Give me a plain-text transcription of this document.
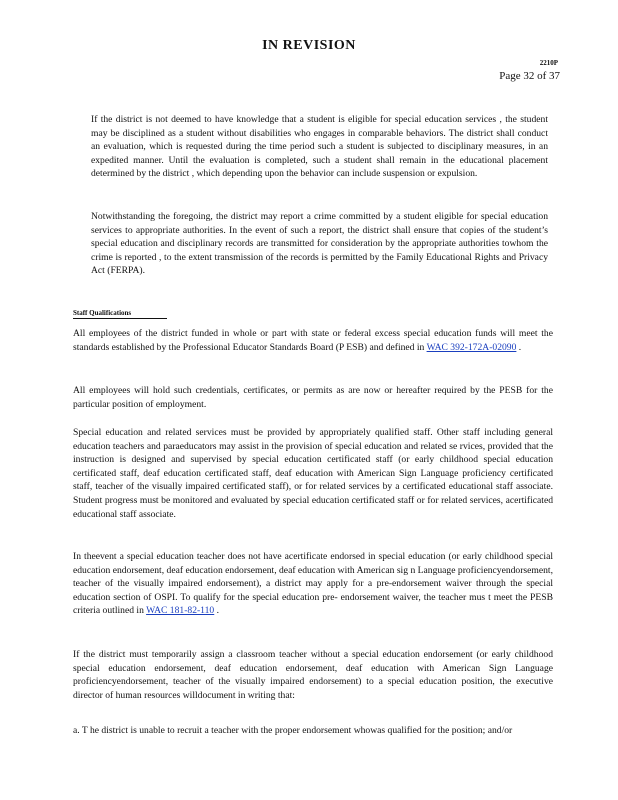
IN REVISION
2210P
Page 32 of 37
If the district is not deemed to have knowledge that a student is eligible for special education services , the student may be disciplined as a student without disabilities who engages in comparable behaviors. The district shall conduct an evaluation, which is requested during the time period such a student is subjected to disciplinary measures, in an expedited manner. Until the evaluation is completed, such a student shall remain in the educational placement determined by the district , which depending upon the behavior can include suspension or expulsion.
Notwithstanding the foregoing, the district may report a crime committed by a student eligible for special education services to appropriate authorities. In the event of such a report, the district shall ensure that copies of the student’s special education and disciplinary records are transmitted for consideration by the appropriate authorities towhom the crime is reported , to the extent transmission of the records is permitted by the Family Educational Rights and Privacy Act (FERPA).
Staff Qualifications
All employees of the district funded in whole or part with state or federal excess special education funds will meet the standards established by the Professional Educator Standards Board (P ESB) and defined in WAC 392-172A-02090 .
All employees will hold such credentials, certificates, or permits as are now or hereafter required by the PESB for the particular position of employment.
Special education and related services must be provided by appropriately qualified staff. Other staff including general education teachers and paraeducators may assist in the provision of special education and related se rvices, provided that the instruction is designed and supervised by special education certificated staff (or early childhood special education certificated staff, deaf education certificated staff, deaf education with American Sign Language proficiency certificated staff, teacher of the visually impaired certificated staff), or for related services by a certificated educational staff associate. Student progress must be monitored and evaluated by special education certificated staff or for related services, acertificated educational staff associate.
In theevent a special education teacher does not have acertificate endorsed in special education (or early childhood special education endorsement, deaf education endorsement, deaf education with American sig n Language proficiencyendorsement, teacher of the visually impaired endorsement), a district may apply for a pre-endorsement waiver through the special education section of OSPI. To qualify for the special education pre- endorsement waiver, the teacher mus t meet the PESB criteria outlined in WAC 181-82-110 .
If the district must temporarily assign a classroom teacher without a special education endorsement (or early childhood special education endorsement, deaf education endorsement, deaf education with American Sign Language proficiencyendorsement, teacher of the visually impaired endorsement) to a special education position, the executive director of human resources willdocument in writing that:
a. T he district is unable to recruit a teacher with the proper endorsement whowas qualified for the position; and/or
